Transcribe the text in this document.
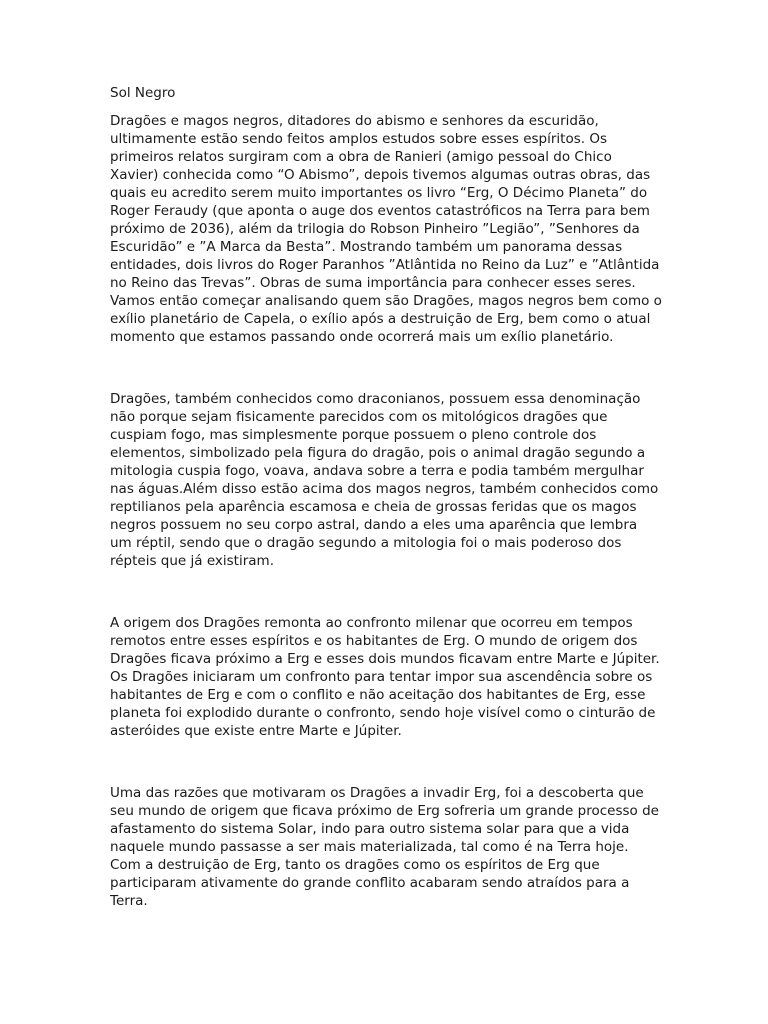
Sol Negro

Dragões e magos negros, ditadores do abismo e senhores da escuridão, ultimamente estão sendo feitos amplos estudos sobre esses espíritos. Os primeiros relatos surgiram com a obra de Ranieri (amigo pessoal do Chico Xavier) conhecida como “O Abismo”, depois tivemos algumas outras obras, das quais eu acredito serem muito importantes os livro “Erg, O Décimo Planeta” do Roger Feraudy (que aponta o auge dos eventos catastróficos na Terra para bem próximo de 2036), além da trilogia do Robson Pinheiro ”Legião”, ”Senhores da Escuridão” e ”A Marca da Besta”. Mostrando também um panorama dessas entidades, dois livros do Roger Paranhos ”Atlântida no Reino da Luz” e ”Atlântida no Reino das Trevas”. Obras de suma importância para conhecer esses seres. Vamos então começar analisando quem são Dragões, magos negros bem como o exílio planetário de Capela, o exílio após a destruição de Erg, bem como o atual momento que estamos passando onde ocorrerá mais um exílio planetário.

Dragões, também conhecidos como draconianos, possuem essa denominação não porque sejam fisicamente parecidos com os mitológicos dragões que cuspiam fogo, mas simplesmente porque possuem o pleno controle dos elementos, simbolizado pela figura do dragão, pois o animal dragão segundo a mitologia cuspia fogo, voava, andava sobre a terra e podia também mergulhar nas águas.Além disso estão acima dos magos negros, também conhecidos como reptilianos pela aparência escamosa e cheia de grossas feridas que os magos negros possuem no seu corpo astral, dando a eles uma aparência que lembra um réptil, sendo que o dragão segundo a mitologia foi o mais poderoso dos répteis que já existiram.

A origem dos Dragões remonta ao confronto milenar que ocorreu em tempos remotos entre esses espíritos e os habitantes de Erg. O mundo de origem dos Dragões ficava próximo a Erg e esses dois mundos ficavam entre Marte e Júpiter. Os Dragões iniciaram um confronto para tentar impor sua ascendência sobre os habitantes de Erg e com o conflito e não aceitação dos habitantes de Erg, esse planeta foi explodido durante o confronto, sendo hoje visível como o cinturão de asteróides que existe entre Marte e Júpiter.

Uma das razões que motivaram os Dragões a invadir Erg, foi a descoberta que seu mundo de origem que ficava próximo de Erg sofreria um grande processo de afastamento do sistema Solar, indo para outro sistema solar para que a vida naquele mundo passasse a ser mais materializada, tal como é na Terra hoje. Com a destruição de Erg, tanto os dragões como os espíritos de Erg que participaram ativamente do grande conflito acabaram sendo atraídos para a Terra.
